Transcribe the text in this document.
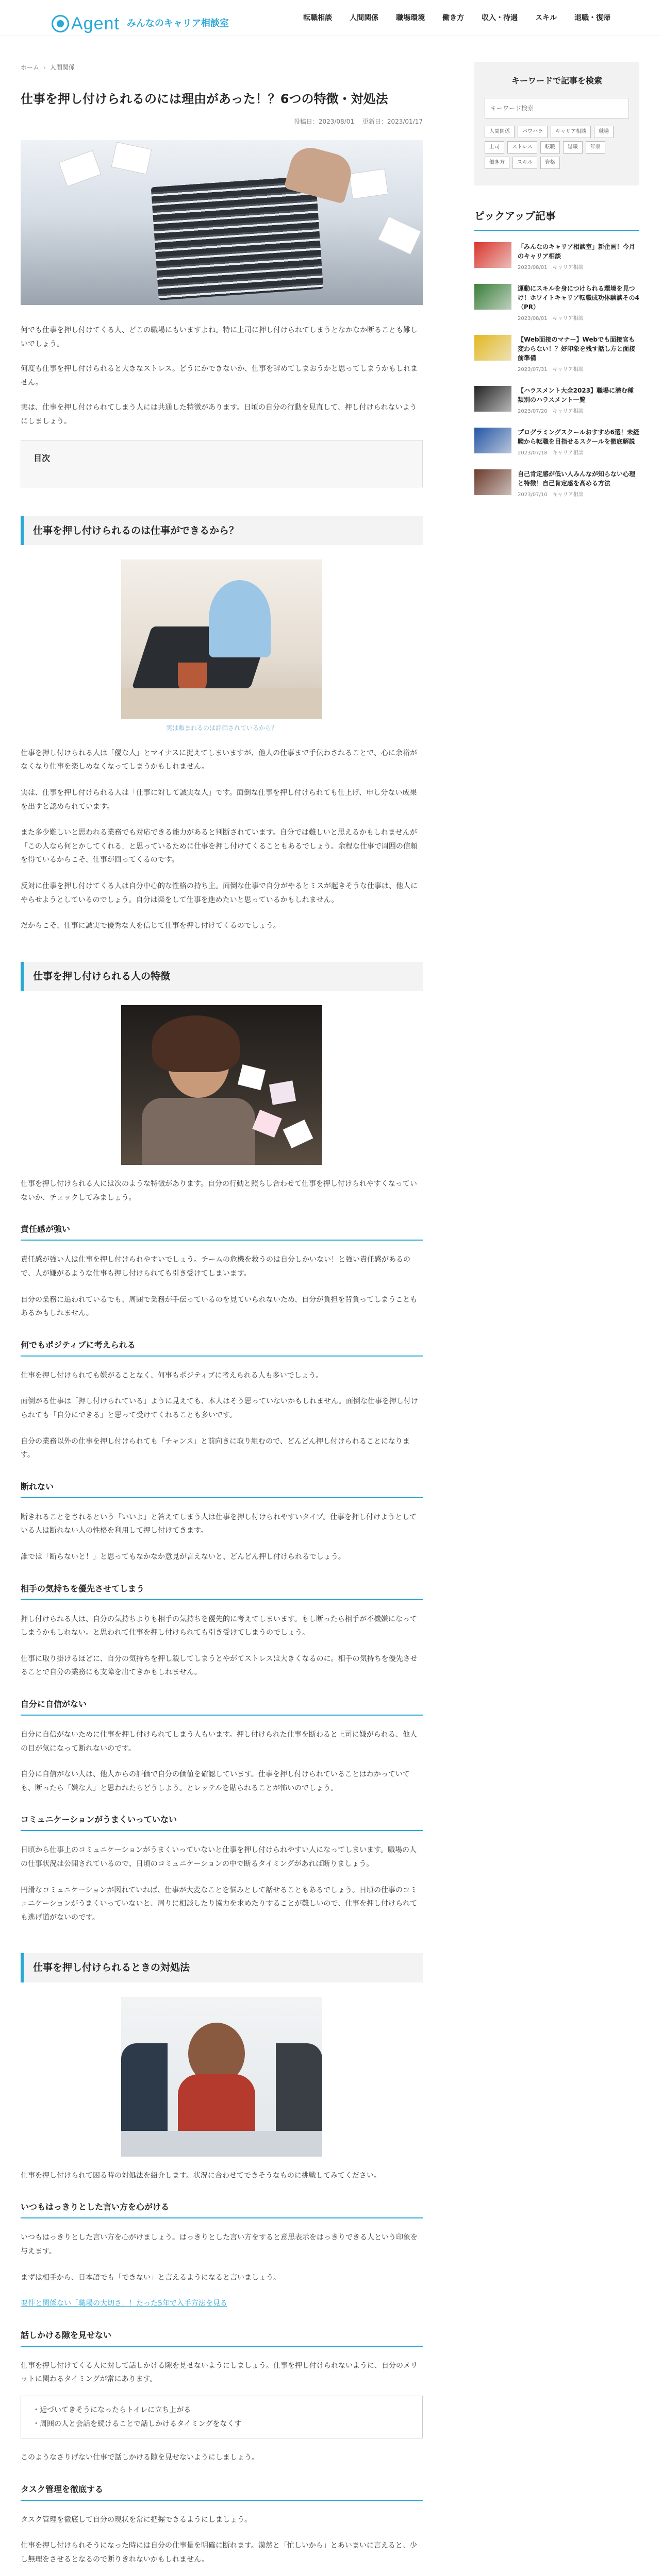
Agent みんなのキャリア相談室
転職相談 人間関係 職場環境 働き方 収入・待遇 スキル 退職・復帰
ホーム › 人間関係
仕事を押し付けられるのには理由があった！？6つの特徴・対処法
投稿日：2023/08/01 更新日：2023/01/17

何でも仕事を押し付けてくる人、どこの職場にもいますよね。特に上司に押し付けられてしまうとなかなか断ることも難しいでしょう。

何度も仕事を押し付けられると大きなストレス。どうにかできないか、仕事を辞めてしまおうかと思ってしまうかもしれません。

実は、仕事を押し付けられてしまう人には共通した特徴があります。日頃の自分の行動を見直して、押し付けられないようにしましょう。

目次
仕事を押し付けられるのは仕事ができるから？
実は頼まれるのは評価されているから？

仕事を押し付けられる人は「優な人」とマイナスに捉えてしまいますが、他人の仕事まで手伝わされることで、心に余裕がなくなり仕事を楽しめなくなってしまうかもしれません。

実は、仕事を押し付けられる人は「仕事に対して誠実な人」です。面倒な仕事を押し付けられても仕上げ、申し分ない成果を出すと認められています。

また多少難しいと思われる業務でも対応できる能力があると判断されています。自分では難しいと思えるかもしれませんが「この人なら何とかしてくれる」と思っているために仕事を押し付けてくることもあるでしょう。余程な仕事で周囲の信頼を得ているからこそ、仕事が回ってくるのです。

反対に仕事を押し付けてくる人は自分中心的な性格の持ち主。面倒な仕事で自分がやるとミスが起きそうな仕事は、他人にやらせようとしているのでしょう。自分は楽をして仕事を進めたいと思っているかもしれません。

だからこそ、仕事に誠実で優秀な人を信じて仕事を押し付けてくるのでしょう。

仕事を押し付けられる人の特徴

仕事を押し付けられる人には次のような特徴があります。自分の行動と照らし合わせて仕事を押し付けられやすくなっていないか、チェックしてみましょう。

責任感が強い

責任感が強い人は仕事を押し付けられやすいでしょう。チームの危機を救うのは自分しかいない！と強い責任感があるので、人が嫌がるような仕事も押し付けられても引き受けてしまいます。

自分の業務に追われているでも、周囲で業務が手伝っているのを見ていられないため、自分が負担を背負ってしまうこともあるかもしれません。

何でもポジティブに考えられる

仕事を押し付けられても嫌がることなく、何事もポジティブに考えられる人も多いでしょう。

面倒がる仕事は「押し付けられている」ように見えても、本人はそう思っていないかもしれません。面倒な仕事を押し付けられても「自分にできる」と思って受けてくれることも多いです。

自分の業務以外の仕事を押し付けられても「チャンス」と前向きに取り組むので、どんどん押し付けられることになります。

断れない

断きれることをされるという「いいよ」と答えてしまう人は仕事を押し付けられやすいタイプ。仕事を押し付けようとしている人は断れない人の性格を利用して押し付けてきます。

誰では「断らないと！」と思ってもなかなか意見が言えないと、どんどん押し付けられるでしょう。

相手の気持ちを優先させてしまう

押し付けられる人は、自分の気持ちよりも相手の気持ちを優先的に考えてしまいます。もし断ったら相手が不機嫌になってしまうかもしれない。と思われて仕事を押し付けられても引き受けてしまうのでしょう。

仕事に取り掛けるほどに、自分の気持ちを押し殺してしまうとやがてストレスは大きくなるのに。相手の気持ちを優先させることで自分の業務にも支障を出てきかもしれません。

自分に自信がない

自分に自信がないために仕事を押し付けられてしまう人もいます。押し付けられた仕事を断わると上司に嫌がられる、他人の目が気になって断れないのです。

自分に自信がない人は、他人からの評価で自分の価値を確認しています。仕事を押し付けられていることはわかっていても、断ったら「嫌な人」と思われたらどうしよう。とレッテルを貼られることが怖いのでしょう。

コミュニケーションがうまくいっていない

日頃から仕事上のコミュニケーションがうまくいっていないと仕事を押し付けられやすい人になってしまいます。職場の人の仕事状況は公開されているので、日頃のコミュニケーションの中で断るタイミングがあれば断りましょう。

円滑なコミュニケーションが図れていれば、仕事が大変なことを悩みとして話せることもあるでしょう。日頃の仕事のコミュニケーションがうまくいっていないと、周りに相談したり協力を求めたりすることが難しいので、仕事を押し付けられても逃げ道がないのです。

仕事を押し付けられるときの対処法

仕事を押し付けられて困る時の対処法を紹介します。状況に合わせてできそうなものに挑戦してみてください。

いつもはっきりとした言い方を心がける

いつもはっきりとした言い方を心がけましょう。はっきりとした言い方をすると意思表示をはっきりできる人という印象を与えます。

まずは相手から、日本語でも「できない」と言えるようになると言いましょう。

要件と関係ない「職場の大切さ」！たった5年で入手方法を見る

話しかける隙を見せない

仕事を押し付けてくる人に対して話しかける隙を見せないようにしましょう。仕事を押し付けられないように、自分のメリットに関わるタイミングが常にあります。

・近づいてきそうになったらトイレに立ち上がる
・周囲の人と会話を続けることで話しかけるタイミングをなくす

このようなさりげない仕事で話しかける隙を見せないようにしましょう。

タスク管理を徹底する

タスク管理を徹底して自分の現状を常に把握できるようにしましょう。

仕事を押し付けられそうになった時には自分の仕事量を明確に断れます。漠然と「忙しいから」とあいまいに言えると、少し無理をさせるとなるので断りきれないかもしれません。

キーワードで記事を検索
キーワード検索
人間関係	パワハラ	キャリア相談	職場
上司	ストレス	転職	退職	年収
働き方	スキル	資格
ピックアップ記事
「みんなのキャリア相談室」新企画！今月のキャリア相談
2023/08/01　キャリア相談
運動にスキルを身につけられる環境を見つけ！ホワイトキャリア転職成功体験談その4（PR）
2023/08/01　キャリア相談
【Web面接のマナー】Webでも面接官も変わらない！？好印象を残す話し方と面接前準備
2023/07/31　キャリア相談
【ハラスメント大全2023】職場に潜む種類別のハラスメント一覧
2023/07/20　キャリア相談
プログラミングスクールおすすめ6選！未経験から転職を目指せるスクールを徹底解説
2023/07/18　キャリア相談
自己肯定感が低い人みんなが知らない心理と特徴！自己肯定感を高める方法
2023/07/10　キャリア相談
